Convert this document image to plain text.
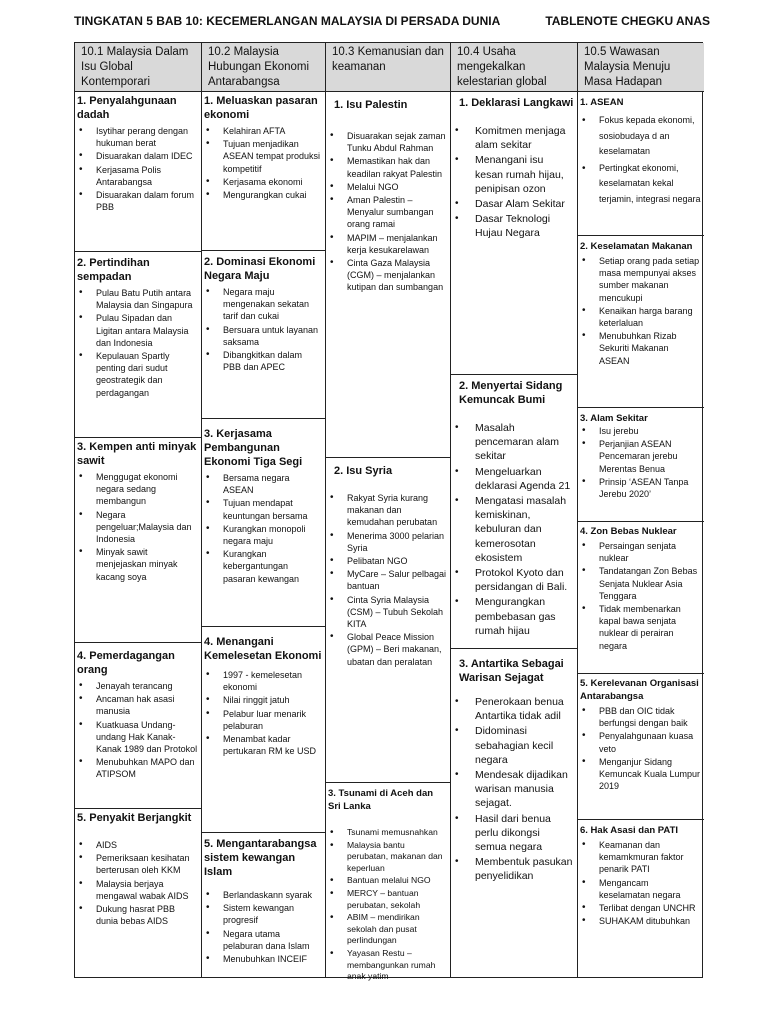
TINGKATAN 5 BAB 10: KECEMERLANGAN MALAYSIA DI PERSADA DUNIA	TABLENOTE CHEGKU ANAS
10.1 Malaysia Dalam Isu Global Kontemporari
1. Penyalahgunaan dadah
• Isytihar perang dengan hukuman berat
• Disuarakan dalam IDEC
• Kerjasama Polis Antarabangsa
• Disuarakan dalam forum PBB
2. Pertindihan sempadan
• Pulau Batu Putih antara Malaysia dan Singapura
• Pulau Sipadan dan Ligitan antara Malaysia dan Indonesia
• Kepulauan Spartly penting dari sudut geostrategik dan perdagangan
3. Kempen anti minyak sawit
• Menggugat ekonomi negara sedang membangun
• Negara pengeluar;Malaysia dan Indonesia
• Minyak sawit menjejaskan minyak kacang soya
4. Pemerdagangan orang
• Jenayah terancang
• Ancaman hak asasi manusia
• Kuatkuasa Undang-undang Hak Kanak-Kanak 1989 dan Protokol
• Menubuhkan MAPO dan ATIPSOM
5. Penyakit Berjangkit
• AIDS
• Pemeriksaan kesihatan berterusan oleh KKM
• Malaysia berjaya mengawal wabak AIDS
• Dukung hasrat PBB dunia bebas AIDS
10.2 Malaysia Hubungan Ekonomi Antarabangsa
1. Meluaskan pasaran ekonomi
• Kelahiran AFTA
• Tujuan menjadikan ASEAN tempat produksi kompetitif
• Kerjasama ekonomi
• Mengurangkan cukai
2. Dominasi Ekonomi Negara Maju
• Negara maju mengenakan sekatan tarif dan cukai
• Bersuara untuk layanan saksama
• Dibangkitkan dalam PBB dan APEC
3. Kerjasama Pembangunan Ekonomi Tiga Segi
• Bersama negara ASEAN
• Tujuan mendapat keuntungan bersama
• Kurangkan monopoli negara maju
• Kurangkan kebergantungan pasaran kewangan
4. Menangani Kemelesetan Ekonomi
• 1997 - kemelesetan ekonomi
• Nilai ringgit jatuh
• Pelabur luar menarik pelaburan
• Menambat kadar pertukaran RM ke USD
5. Mengantarabangsa sistem kewangan Islam
• Berlandaskann syarak
• Sistem kewangan progresif
• Negara utama pelaburan dana Islam
• Menubuhkan INCEIF
10.3 Kemanusian dan keamanan
1. Isu Palestin
• Disuarakan sejak zaman Tunku Abdul Rahman
• Memastikan hak dan keadilan rakyat Palestin
• Melalui NGO
• Aman Palestin – Menyalur sumbangan orang ramai
• MAPIM – menjalankan kerja kesukarelawan
• Cinta Gaza Malaysia (CGM) – menjalankan kutipan dan sumbangan
2. Isu Syria
• Rakyat Syria kurang makanan dan kemudahan perubatan
• Menerima 3000 pelarian Syria
• Pelibatan NGO
• MyCare – Salur pelbagai bantuan
• Cinta Syria Malaysia (CSM) – Tubuh Sekolah KITA
• Global Peace Mission (GPM) – Beri makanan, ubatan dan peralatan
3. Tsunami di Aceh dan Sri Lanka
• Tsunami memusnahkan
• Malaysia bantu perubatan, makanan dan keperluan
• Bantuan melalui NGO
• MERCY – bantuan perubatan, sekolah
• ABIM – mendirikan sekolah dan pusat perlindungan
• Yayasan Restu – membangunkan rumah anak yatim
10.4 Usaha mengekalkan kelestarian global
1. Deklarasi Langkawi
• Komitmen menjaga alam sekitar
• Menangani isu kesan rumah hijau, penipisan ozon
• Dasar Alam Sekitar
• Dasar Teknologi Hujau Negara
2. Menyertai Sidang Kemuncak Bumi
• Masalah pencemaran alam sekitar
• Mengeluarkan deklarasi Agenda 21
• Mengatasi masalah kemiskinan, kebuluran dan kemerosotan ekosistem
• Protokol Kyoto dan persidangan di Bali.
• Mengurangkan pembebasan gas rumah hijau
3. Antartika Sebagai Warisan Sejagat
• Penerokaan benua Antartika tidak adil
• Didominasi sebahagian kecil negara
• Mendesak dijadikan warisan manusia sejagat.
• Hasil dari benua perlu dikongsi semua negara
• Membentuk pasukan penyelidikan
10.5 Wawasan Malaysia Menuju Masa Hadapan
1. ASEAN
• Fokus kepada ekonomi, sosiobudaya d an keselamatan
• Pertingkat ekonomi, keselamatan kekal terjamin, integrasi negara
2. Keselamatan Makanan
• Setiap orang pada setiap masa mempunyai akses sumber makanan mencukupi
• Kenaikan harga barang keterlaluan
• Menubuhkan Rizab Sekuriti Makanan ASEAN
3. Alam Sekitar
• Isu jerebu
• Perjanjian ASEAN Pencemaran jerebu Merentas Benua
• Prinsip ‘ASEAN Tanpa Jerebu 2020’
4. Zon Bebas Nuklear
• Persaingan senjata nuklear
• Tandatangan Zon Bebas Senjata Nuklear Asia Tenggara
• Tidak membenarkan kapal bawa senjata nuklear di perairan negara
5. Kerelevanan Organisasi Antarabangsa
• PBB dan OIC tidak berfungsi dengan baik
• Penyalahgunaan kuasa veto
• Menganjur Sidang Kemuncak Kuala Lumpur 2019
6. Hak Asasi dan PATI
• Keamanan dan kemamkmuran faktor penarik PATI
• Mengancam keselamatan negara
• Terlibat dengan UNCHR
• SUHAKAM ditubuhkan
